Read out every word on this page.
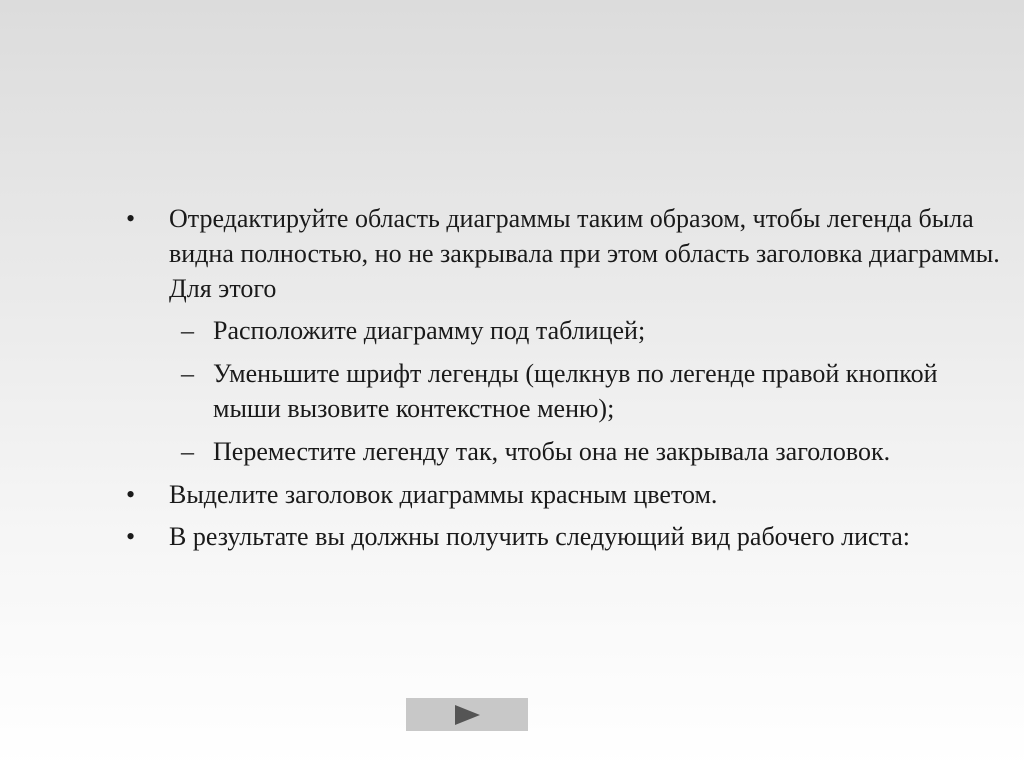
•	Отредактируйте область диаграммы таким образом, чтобы легенда была видна полностью, но не закрывала при этом область заголовка диаграммы. Для этого
– Расположите диаграмму под таблицей;
– Уменьшите шрифт легенды (щелкнув по легенде правой кнопкой мыши вызовите контекстное меню);
– Переместите легенду так, чтобы она не закрывала заголовок.
•	Выделите заголовок диаграммы красным цветом.
•	В результате вы должны получить следующий вид рабочего листа:
